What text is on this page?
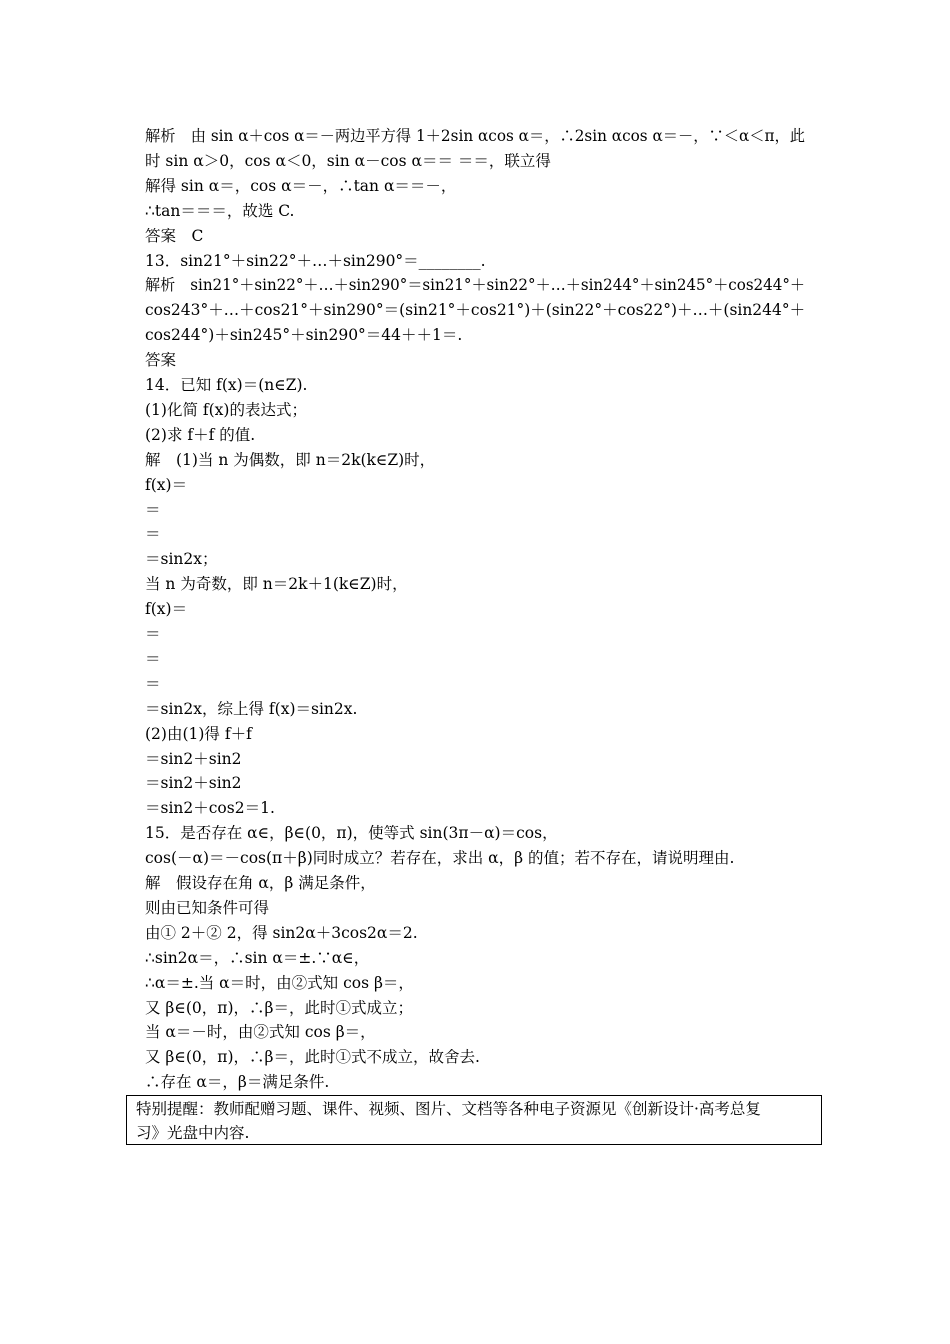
解析　由 sin α＋cos α＝－两边平方得 1＋2sin αcos α＝，∴2sin αcos α＝－，∵＜α＜π，此
时 sin α＞0，cos α＜0，sin α－cos α＝＝ ＝＝，联立得
解得 sin α＝，cos α＝－，∴tan α＝＝－，
∴tan＝＝＝，故选 C.
答案　C
13．sin21°＋sin22°＋…＋sin290°＝________.
解析　sin21°＋sin22°＋…＋sin290°＝sin21°＋sin22°＋…＋sin244°＋sin245°＋cos244°＋
cos243°＋…＋cos21°＋sin290°＝(sin21°＋cos21°)＋(sin22°＋cos22°)＋…＋(sin244°＋
cos244°)＋sin245°＋sin290°＝44＋＋1＝.
答案
14．已知 f(x)＝(n∈Z).
(1)化简 f(x)的表达式；
(2)求 f＋f 的值.
解　(1)当 n 为偶数，即 n＝2k(k∈Z)时，
f(x)＝
＝
＝
＝sin2x；
当 n 为奇数，即 n＝2k＋1(k∈Z)时，
f(x)＝
＝
＝
＝
＝sin2x，综上得 f(x)＝sin2x.
(2)由(1)得 f＋f
＝sin2＋sin2
＝sin2＋sin2
＝sin2＋cos2＝1.
15．是否存在 α∈，β∈(0，π)，使等式 sin(3π－α)＝cos，
cos(－α)＝－cos(π＋β)同时成立？若存在，求出 α，β 的值；若不存在，请说明理由.
解　假设存在角 α，β 满足条件，
则由已知条件可得
由① 2＋② 2，得 sin2α＋3cos2α＝2.
∴sin2α＝，∴sin α＝±.∵α∈，
∴α＝±.当 α＝时，由②式知 cos β＝，
又 β∈(0，π)，∴β＝，此时①式成立；
当 α＝－时，由②式知 cos β＝，
又 β∈(0，π)，∴β＝，此时①式不成立，故舍去.
∴存在 α＝，β＝满足条件.
特别提醒：教师配赠习题、课件、视频、图片、文档等各种电子资源见《创新设计·高考总复
习》光盘中内容.
